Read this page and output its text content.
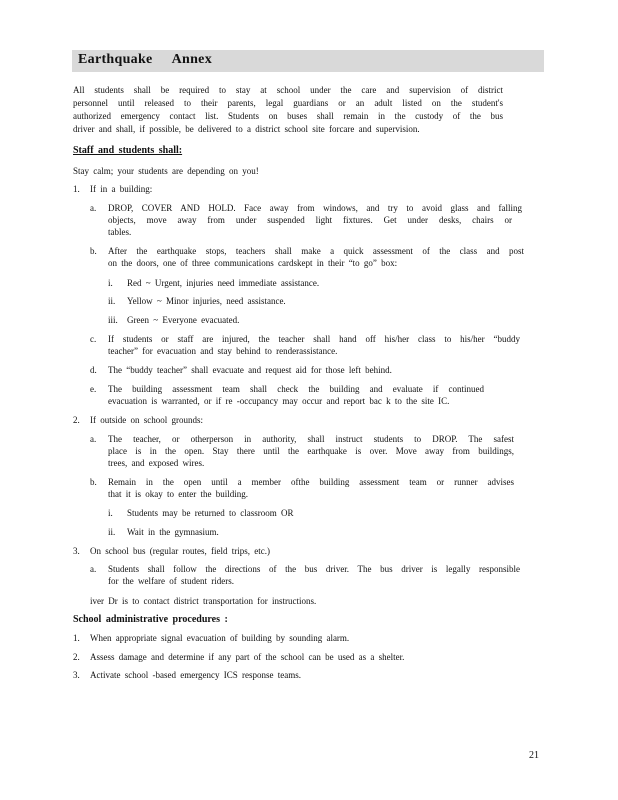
Earthquake Annex
All students shall be required to stay at school under the care and supervision of district
personnel until released to their parents, legal guardians or an adult listed on the student's
authorized emergency contact list. Students on buses shall remain in the custody of the bus
driver and shall, if possible, be delivered to a district school site forcare and supervision.
Staff and students shall:
Stay calm; your students are depending on you!
1. If in a building:
a. DROP, COVER AND HOLD. Face away from windows, and try to avoid glass and falling
objects, move away from under suspended light fixtures. Get under desks, chairs or
tables.
b. After the earthquake stops, teachers shall make a quick assessment of the class and post
on the doors, one of three communications cardskept in their “to go” box:
i. Red ~ Urgent, injuries need immediate assistance.
ii. Yellow ~ Minor injuries, need assistance.
iii. Green ~ Everyone evacuated.
c. If students or staff are injured, the teacher shall hand off his/her class to his/her “buddy
teacher” for evacuation and stay behind to renderassistance.
d. The “buddy teacher” shall evacuate and request aid for those left behind.
e. The building assessment team shall check the building and evaluate if continued
evacuation is warranted, or if re -occupancy may occur and report bac k to the site IC.
2. If outside on school grounds:
a. The teacher, or otherperson in authority, shall instruct students to DROP. The safest
place is in the open. Stay there until the earthquake is over. Move away from buildings,
trees, and exposed wires.
b. Remain in the open until a member ofthe building assessment team or runner advises
that it is okay to enter the building.
i. Students may be returned to classroom OR
ii. Wait in the gymnasium.
3. On school bus (regular routes, field trips, etc.)
a. Students shall follow the directions of the bus driver. The bus driver is legally responsible
for the welfare of student riders.
iver Dr is to contact district transportation for instructions.
School administrative procedures :
1. When appropriate signal evacuation of building by sounding alarm.
2. Assess damage and determine if any part of the school can be used as a shelter.
3. Activate school -based emergency ICS response teams.
21
